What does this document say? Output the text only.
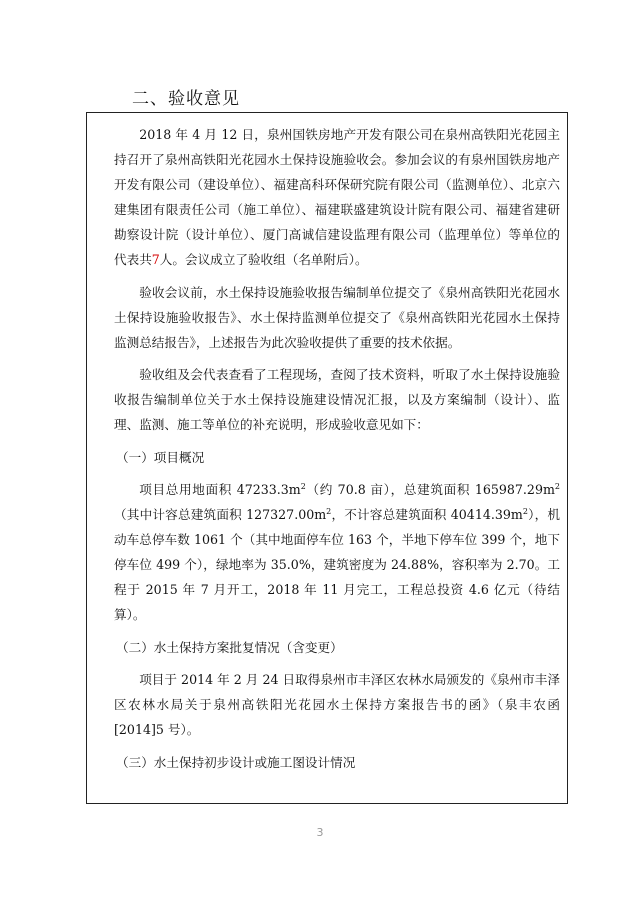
二、验收意见

2018 年 4 月 12 日，泉州国铁房地产开发有限公司在泉州高铁阳光花园主持召开了泉州高铁阳光花园水土保持设施验收会。参加会议的有泉州国铁房地产开发有限公司（建设单位）、福建高科环保研究院有限公司（监测单位）、北京六建集团有限责任公司（施工单位）、福建联盛建筑设计院有限公司、福建省建研勘察设计院（设计单位）、厦门高诚信建设监理有限公司（监理单位）等单位的代表共7人。会议成立了验收组（名单附后）。

验收会议前，水土保持设施验收报告编制单位提交了《泉州高铁阳光花园水土保持设施验收报告》、水土保持监测单位提交了《泉州高铁阳光花园水土保持监测总结报告》，上述报告为此次验收提供了重要的技术依据。

验收组及会代表查看了工程现场，查阅了技术资料，听取了水土保持设施验收报告编制单位关于水土保持设施建设情况汇报，以及方案编制（设计）、监理、监测、施工等单位的补充说明，形成验收意见如下：

（一）项目概况

项目总用地面积 $47233.3m^2$（约 70.8 亩），总建筑面积 $165987.29m^2$（其中计容总建筑面积 $127327.00m^2$，不计容总建筑面积 $40414.39m^2$），机动车总停车数 1061 个（其中地面停车位 163 个，半地下停车位 399 个，地下停车位 499 个），绿地率为 35.0%，建筑密度为 24.88%，容积率为 2.70。工程于 2015 年 7 月开工，2018 年 11 月完工，工程总投资 4.6 亿元（待结算）。

（二）水土保持方案批复情况（含变更）

项目于 2014 年 2 月 24 日取得泉州市丰泽区农林水局颁发的《泉州市丰泽区农林水局关于泉州高铁阳光花园水土保持方案报告书的函》（泉丰农函[2014]5 号）。

（三）水土保持初步设计或施工图设计情况

3
